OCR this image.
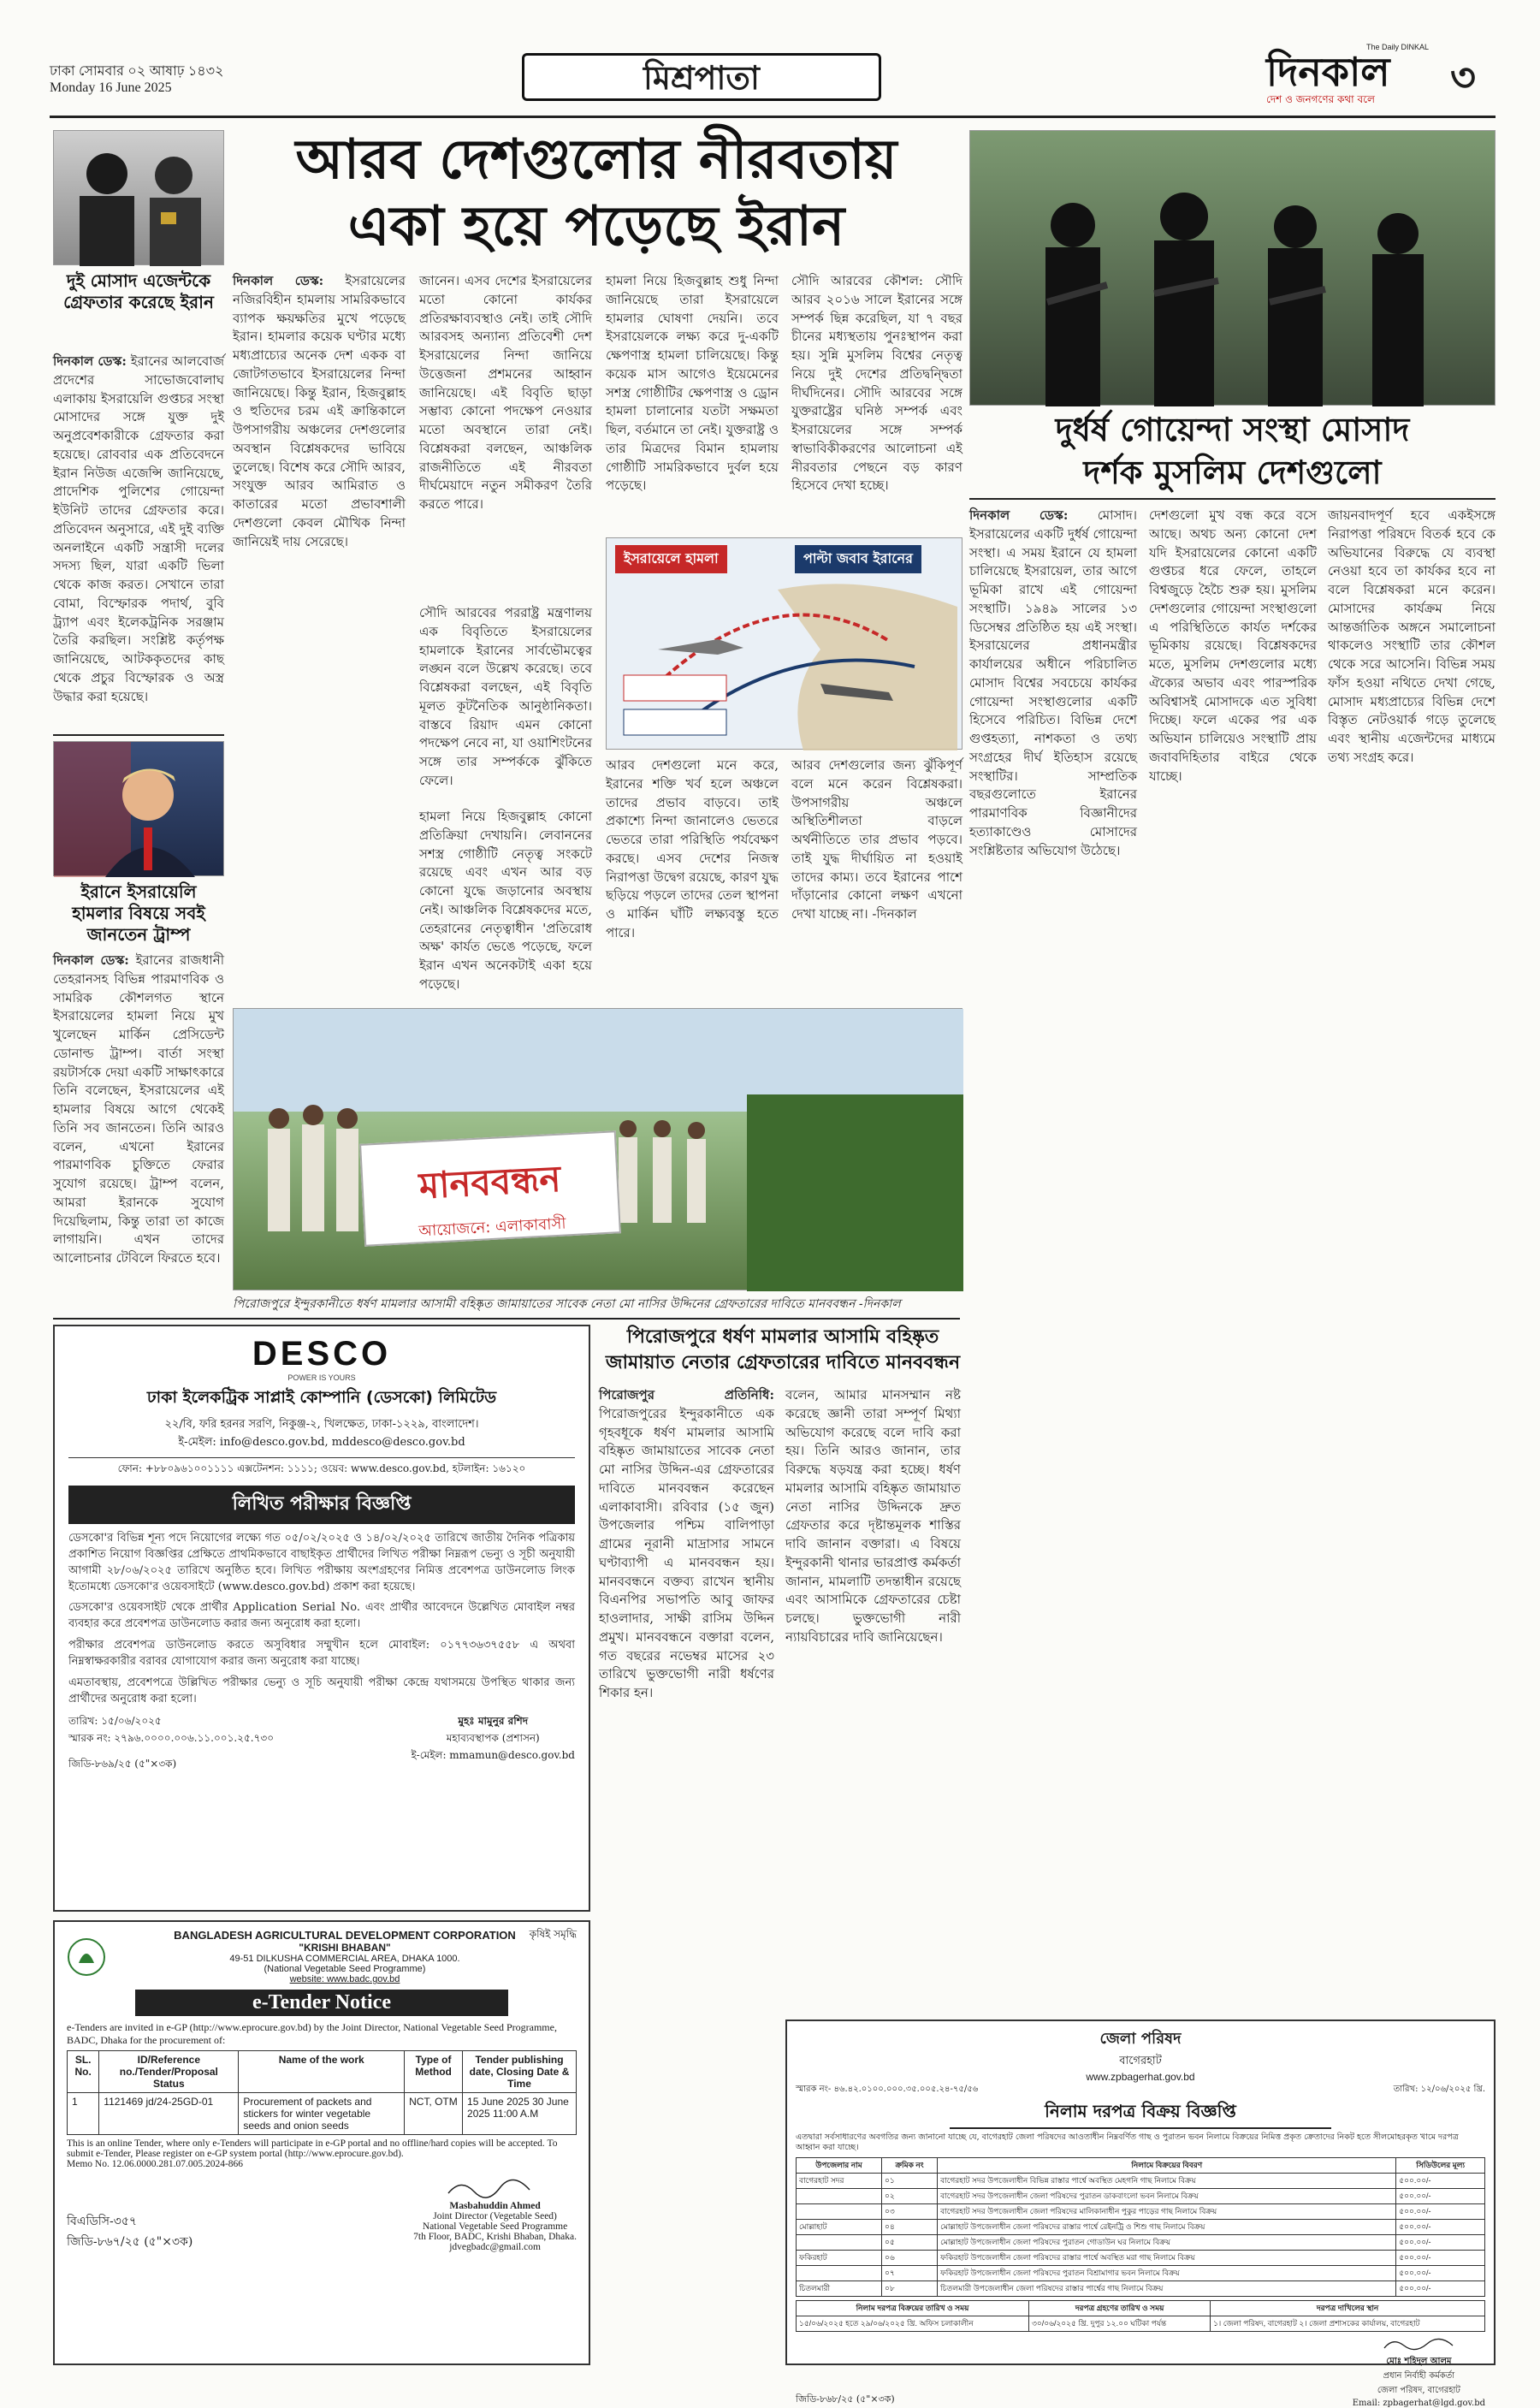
ঢাকা সোমবার ০২ আষাঢ় ১৪৩২
Monday 16 June 2025	মিশ্রপাতা
The Daily DINKAL
দিনকাল
দেশ ও জনগণের কথা বলে	৩
দুই মোসাদ এজেন্টকে গ্রেফতার করেছে ইরান
দিনকাল ডেস্ক: ইরানের আলবোর্জ প্রদেশের সাভোজবোলাঘ এলাকায় ইসরায়েলি গুপ্তচর সংস্থা মোসাদের সঙ্গে যুক্ত দুই অনুপ্রবেশকারীকে গ্রেফতার করা হয়েছে। রোববার এক প্রতিবেদনে ইরান নিউজ এজেন্সি জানিয়েছে, প্রাদেশিক পুলিশের গোয়েন্দা ইউনিট তাদের গ্রেফতার করে। প্রতিবেদন অনুসারে, এই দুই ব্যক্তি অনলাইনে একটি সন্ত্রাসী দলের সদস্য ছিল, যারা একটি ভিলা থেকে কাজ করত। সেখানে তারা বোমা, বিস্ফোরক পদার্থ, বুবি ট্র্যাপ এবং ইলেকট্রনিক সরঞ্জাম তৈরি করছিল। সংশ্লিষ্ট কর্তৃপক্ষ জানিয়েছে, আটককৃতদের কাছ থেকে প্রচুর বিস্ফোরক ও অস্ত্র উদ্ধার করা হয়েছে।
ইরানে ইসরায়েলি হামলার বিষয়ে সবই জানতেন ট্রাম্প
দিনকাল ডেস্ক: ইরানের রাজধানী তেহরানসহ বিভিন্ন পারমাণবিক ও সামরিক কৌশলগত স্থানে ইসরায়েলের হামলা নিয়ে মুখ খুলেছেন মার্কিন প্রেসিডেন্ট ডোনাল্ড ট্রাম্প। বার্তা সংস্থা রয়টার্সকে দেয়া একটি সাক্ষাৎকারে তিনি বলেছেন, ইসরায়েলের এই হামলার বিষয়ে আগে থেকেই তিনি সব জানতেন। তিনি আরও বলেন, এখনো ইরানের পারমাণবিক চুক্তিতে ফেরার সুযোগ রয়েছে। ট্রাম্প বলেন, আমরা ইরানকে সুযোগ দিয়েছিলাম, কিন্তু তারা তা কাজে লাগায়নি। এখন তাদের আলোচনার টেবিলে ফিরতে হবে।
আরব দেশগুলোর নীরবতায়
একা হয়ে পড়েছে ইরান
দিনকাল ডেস্ক: ইসরায়েলের নজিরবিহীন হামলায় সামরিকভাবে ব্যাপক ক্ষয়ক্ষতির মুখে পড়েছে ইরান। হামলার কয়েক ঘণ্টার মধ্যে মধ্যপ্রাচ্যের অনেক দেশ একক বা জোটগতভাবে ইসরায়েলের নিন্দা জানিয়েছে। কিন্তু ইরান, হিজবুল্লাহ ও হুতিদের চরম এই ক্রান্তিকালে উপসাগরীয় অঞ্চলের দেশগুলোর অবস্থান বিশ্লেষকদের ভাবিয়ে তুলেছে। বিশেষ করে সৌদি আরব, সংযুক্ত আরব আমিরাত ও কাতারের মতো প্রভাবশালী দেশগুলো কেবল মৌখিক নিন্দা জানিয়েই দায় সেরেছে।
জানেন। এসব দেশের ইসরায়েলের মতো কোনো কার্যকর প্রতিরক্ষাব্যবস্থাও নেই। তাই সৌদি আরবসহ অন্যান্য প্রতিবেশী দেশ ইসরায়েলের নিন্দা জানিয়ে উত্তেজনা প্রশমনের আহ্বান জানিয়েছে। এই বিবৃতি ছাড়া সম্ভাব্য কোনো পদক্ষেপ নেওয়ার মতো অবস্থানে তারা নেই। বিশ্লেষকরা বলছেন, আঞ্চলিক রাজনীতিতে এই নীরবতা দীর্ঘমেয়াদে নতুন সমীকরণ তৈরি করতে পারে।
হামলা নিয়ে হিজবুল্লাহ শুধু নিন্দা জানিয়েছে তারা ইসরায়েলে হামলার ঘোষণা দেয়নি। তবে ইসরায়েলকে লক্ষ্য করে দু-একটি ক্ষেপণাস্ত্র হামলা চালিয়েছে। কিন্তু কয়েক মাস আগেও ইয়েমেনের সশস্ত্র গোষ্ঠীটির ক্ষেপণাস্ত্র ও ড্রোন হামলা চালানোর যতটা সক্ষমতা ছিল, বর্তমানে তা নেই। যুক্তরাষ্ট্র ও তার মিত্রদের বিমান হামলায় গোষ্ঠীটি সামরিকভাবে দুর্বল হয়ে পড়েছে।
সৌদি আরবের কৌশল: সৌদি আরব ২০১৬ সালে ইরানের সঙ্গে সম্পর্ক ছিন্ন করেছিল, যা ৭ বছর চীনের মধ্যস্থতায় পুনঃস্থাপন করা হয়। সুন্নি মুসলিম বিশ্বের নেতৃত্ব নিয়ে দুই দেশের প্রতিদ্বন্দ্বিতা দীর্ঘদিনের। সৌদি আরবের সঙ্গে যুক্তরাষ্ট্রের ঘনিষ্ঠ সম্পর্ক এবং ইসরায়েলের সঙ্গে সম্পর্ক স্বাভাবিকীকরণের আলোচনা এই নীরবতার পেছনে বড় কারণ হিসেবে দেখা হচ্ছে।
ইসরায়েলে হামলা	পাল্টা জবাব ইরানের
সৌদি আরবের পররাষ্ট্র মন্ত্রণালয় এক বিবৃতিতে ইসরায়েলের হামলাকে ইরানের সার্বভৌমত্বের লঙ্ঘন বলে উল্লেখ করেছে। তবে বিশ্লেষকরা বলছেন, এই বিবৃতি মূলত কূটনৈতিক আনুষ্ঠানিকতা। বাস্তবে রিয়াদ এমন কোনো পদক্ষেপ নেবে না, যা ওয়াশিংটনের সঙ্গে তার সম্পর্ককে ঝুঁকিতে ফেলে।
আরব দেশগুলো মনে করে, ইরানের শক্তি খর্ব হলে অঞ্চলে তাদের প্রভাব বাড়বে। তাই প্রকাশ্যে নিন্দা জানালেও ভেতরে ভেতরে তারা পরিস্থিতি পর্যবেক্ষণ করছে। এসব দেশের নিজস্ব নিরাপত্তা উদ্বেগ রয়েছে, কারণ যুদ্ধ ছড়িয়ে পড়লে তাদের তেল স্থাপনা ও মার্কিন ঘাঁটি লক্ষ্যবস্তু হতে পারে।
আরব দেশগুলোর জন্য ঝুঁকিপূর্ণ বলে মনে করেন বিশ্লেষকরা। উপসাগরীয় অঞ্চলে অস্থিতিশীলতা বাড়লে অর্থনীতিতে তার প্রভাব পড়বে। তাই যুদ্ধ দীর্ঘায়িত না হওয়াই তাদের কাম্য। তবে ইরানের পাশে দাঁড়ানোর কোনো লক্ষণ এখনো দেখা যাচ্ছে না। -দিনকাল
হামলা নিয়ে হিজবুল্লাহ কোনো প্রতিক্রিয়া দেখায়নি। লেবাননের সশস্ত্র গোষ্ঠীটি নেতৃত্ব সংকটে রয়েছে এবং এখন আর বড় কোনো যুদ্ধে জড়ানোর অবস্থায় নেই। আঞ্চলিক বিশ্লেষকদের মতে, তেহরানের নেতৃত্বাধীন 'প্রতিরোধ অক্ষ' কার্যত ভেঙে পড়েছে, ফলে ইরান এখন অনেকটাই একা হয়ে পড়েছে।
মানববন্ধন
আয়োজনে: এলাকাবাসী
পিরোজপুরে ইন্দুরকানীতে ধর্ষণ মামলার আসামী বহিষ্কৃত জামায়াতের সাবেক নেতা মো নাসির উদ্দিনের গ্রেফতারের দাবিতে মানববন্ধন -দিনকাল
দুর্ধর্ষ গোয়েন্দা সংস্থা মোসাদ
দর্শক মুসলিম দেশগুলো
দিনকাল ডেস্ক: মোসাদ। ইসরায়েলের একটি দুর্ধর্ষ গোয়েন্দা সংস্থা। এ সময় ইরানে যে হামলা চালিয়েছে ইসরায়েল, তার আগে ভূমিকা রাখে এই গোয়েন্দা সংস্থাটি। ১৯৪৯ সালের ১৩ ডিসেম্বর প্রতিষ্ঠিত হয় এই সংস্থা। ইসরায়েলের প্রধানমন্ত্রীর কার্যালয়ের অধীনে পরিচালিত মোসাদ বিশ্বের সবচেয়ে কার্যকর গোয়েন্দা সংস্থাগুলোর একটি হিসেবে পরিচিত। বিভিন্ন দেশে গুপ্তহত্যা, নাশকতা ও তথ্য সংগ্রহের দীর্ঘ ইতিহাস রয়েছে সংস্থাটির। সাম্প্রতিক বছরগুলোতে ইরানের পারমাণবিক বিজ্ঞানীদের হত্যাকাণ্ডেও মোসাদের সংশ্লিষ্টতার অভিযোগ উঠেছে।
দেশগুলো মুখ বন্ধ করে বসে আছে। অথচ অন্য কোনো দেশ যদি ইসরায়েলের কোনো একটি গুপ্তচর ধরে ফেলে, তাহলে বিশ্বজুড়ে হৈচৈ শুরু হয়। মুসলিম দেশগুলোর গোয়েন্দা সংস্থাগুলো এ পরিস্থিতিতে কার্যত দর্শকের ভূমিকায় রয়েছে। বিশ্লেষকদের মতে, মুসলিম দেশগুলোর মধ্যে ঐক্যের অভাব এবং পারস্পরিক অবিশ্বাসই মোসাদকে এত সুবিধা দিচ্ছে। ফলে একের পর এক অভিযান চালিয়েও সংস্থাটি প্রায় জবাবদিহিতার বাইরে থেকে যাচ্ছে।
জায়নবাদপূর্ণ হবে একইসঙ্গে নিরাপত্তা পরিষদে বিতর্ক হবে কে অভিযানের বিরুদ্ধে যে ব্যবস্থা নেওয়া হবে তা কার্যকর হবে না বলে বিশ্লেষকরা মনে করেন। মোসাদের কার্যক্রম নিয়ে আন্তর্জাতিক অঙ্গনে সমালোচনা থাকলেও সংস্থাটি তার কৌশল থেকে সরে আসেনি। বিভিন্ন সময় ফাঁস হওয়া নথিতে দেখা গেছে, মোসাদ মধ্যপ্রাচ্যের বিভিন্ন দেশে বিস্তৃত নেটওয়ার্ক গড়ে তুলেছে এবং স্থানীয় এজেন্টদের মাধ্যমে তথ্য সংগ্রহ করে।
পিরোজপুরে ধর্ষণ মামলার আসামি বহিষ্কৃত জামায়াত নেতার গ্রেফতারের দাবিতে মানববন্ধন
পিরোজপুর প্রতিনিধি: পিরোজপুরের ইন্দুরকানীতে এক গৃহবধূকে ধর্ষণ মামলার আসামি বহিষ্কৃত জামায়াতের সাবেক নেতা মো নাসির উদ্দিন-এর গ্রেফতারের দাবিতে মানববন্ধন করেছেন এলাকাবাসী। রবিবার (১৫ জুন) উপজেলার পশ্চিম বালিপাড়া গ্রামের নূরানী মাদ্রাসার সামনে ঘণ্টাব্যাপী এ মানববন্ধন হয়। মানববন্ধনে বক্তব্য রাখেন স্থানীয় বিএনপির সভাপতি আবু জাফর হাওলাদার, সাক্ষী রাসিম উদ্দিন প্রমুখ। মানববন্ধনে বক্তারা বলেন, গত বছরের নভেম্বর মাসের ২৩ তারিখে ভুক্তভোগী নারী ধর্ষণের শিকার হন।
বলেন, আমার মানসম্মান নষ্ট করেছে জ্ঞানী তারা সম্পূর্ণ মিথ্যা অভিযোগ করেছে বলে দাবি করা হয়। তিনি আরও জানান, তার বিরুদ্ধে ষড়যন্ত্র করা হচ্ছে। ধর্ষণ মামলার আসামি বহিষ্কৃত জামায়াত নেতা নাসির উদ্দিনকে দ্রুত গ্রেফতার করে দৃষ্টান্তমূলক শাস্তির দাবি জানান বক্তারা। এ বিষয়ে ইন্দুরকানী থানার ভারপ্রাপ্ত কর্মকর্তা জানান, মামলাটি তদন্তাধীন রয়েছে এবং আসামিকে গ্রেফতারের চেষ্টা চলছে। ভুক্তভোগী নারী ন্যায়বিচারের দাবি জানিয়েছেন।
DESCO
POWER IS YOURS
ঢাকা ইলেকট্রিক সাপ্লাই কোম্পানি (ডেসকো) লিমিটেড
২২/বি, ফরি হরনর সরণি, নিকুঞ্জ-২, খিলক্ষেত, ঢাকা-১২২৯, বাংলাদেশ।
ই-মেইল: info@desco.gov.bd, mddesco@desco.gov.bd
ফোন: +৮৮০৯৬১০০১১১১ এক্সটেনশন: ১১১১; ওয়েব: www.desco.gov.bd, হটলাইন: ১৬১২০
লিখিত পরীক্ষার বিজ্ঞপ্তি
ডেসকো'র বিভিন্ন শূন্য পদে নিয়োগের লক্ষ্যে গত ০৫/০২/২০২৫ ও ১৪/০২/২০২৫ তারিখে জাতীয় দৈনিক পত্রিকায় প্রকাশিত নিয়োগ বিজ্ঞপ্তির প্রেক্ষিতে প্রাথমিকভাবে বাছাইকৃত প্রার্থীদের লিখিত পরীক্ষা নিম্নরূপ ভেন্যু ও সূচী অনুযায়ী আগামী ২৮/০৬/২০২৫ তারিখে অনুষ্ঠিত হবে। লিখিত পরীক্ষায় অংশগ্রহণের নিমিত্ত প্রবেশপত্র ডাউনলোড লিংক ইতোমধ্যে ডেসকো'র ওয়েবসাইটে (www.desco.gov.bd) প্রকাশ করা হয়েছে।
ডেসকো'র ওয়েবসাইট থেকে প্রার্থীর Application Serial No. এবং প্রার্থীর আবেদনে উল্লেখিত মোবাইল নম্বর ব্যবহার করে প্রবেশপত্র ডাউনলোড করার জন্য অনুরোধ করা হলো।
পরীক্ষার প্রবেশপত্র ডাউনলোড করতে অসুবিধার সম্মুখীন হলে মোবাইল: ০১৭৭৩৬৩৭৫৫৮ এ অথবা নিম্নস্বাক্ষরকারীর বরাবর যোগাযোগ করার জন্য অনুরোধ করা যাচ্ছে।
এমতাবস্থায়, প্রবেশপত্রে উল্লিখিত পরীক্ষার ভেন্যু ও সূচি অনুযায়ী পরীক্ষা কেন্দ্রে যথাসময়ে উপস্থিত থাকার জন্য প্রার্থীদের অনুরোধ করা হলো।
তারিখ: ১৫/০৬/২০২৫
স্মারক নং: ২৭৯৬.০০০০.০০৬.১১.০০১.২৫.৭৩০
জিডি-৮৬৯/২৫ (৫"×৩ক)
মুহঃ মামুনুর রশিদ
মহাব্যবস্থাপক (প্রশাসন)
ই-মেইল: mmamun@desco.gov.bd
কৃষিই সমৃদ্ধি
BANGLADESH AGRICULTURAL DEVELOPMENT CORPORATION
"KRISHI BHABAN"
49-51 DILKUSHA COMMERCIAL AREA, DHAKA 1000.
(National Vegetable Seed Programme)
website: www.badc.gov.bd
e-Tender Notice
e-Tenders are invited in e-GP (http://www.eprocure.gov.bd) by the Joint Director, National Vegetable Seed Programme, BADC, Dhaka for the procurement of:
SL. No.	ID/Reference no./Tender/Proposal Status	Name of the work	Type of Method	Tender publishing date, Closing Date & Time
1	1121469 jd/24-25GD-01	Procurement of packets and stickers for winter vegetable seeds and onion seeds	NCT, OTM	15 June 2025 30 June 2025 11:00 A.M
This is an online Tender, where only e-Tenders will participate in e-GP portal and no offline/hard copies will be accepted. To submit e-Tender, Please register on e-GP system portal (http://www.eprocure.gov.bd).
Memo No. 12.06.0000.281.07.005.2024-866
বিএডিসি-৩৫৭
জিডি-৮৬৭/২৫ (৫"×৩ক)
Masbahuddin Ahmed
Joint Director (Vegetable Seed)
National Vegetable Seed Programme
7th Floor, BADC, Krishi Bhaban, Dhaka.
jdvegbadc@gmail.com
জেলা পরিষদ
বাগেরহাট
www.zpbagerhat.gov.bd
স্মারক নং- ৪৬.৪২.০১০০.০০০.৩৫.০০৫.২৪-৭৫/৫৬	তারিখ: ১২/০৬/২০২৫ খ্রি.
নিলাম দরপত্র বিক্রয় বিজ্ঞপ্তি
এতদ্বারা সর্বসাধারণের অবগতির জন্য জানানো যাচ্ছে যে, বাগেরহাট জেলা পরিষদের আওতাধীন নিম্নবর্ণিত গাছ ও পুরাতন ভবন নিলামে বিক্রয়ের নিমিত্ত প্রকৃত ক্রেতাদের নিকট হতে সীলমোহরকৃত খামে দরপত্র আহ্বান করা যাচ্ছে।
উপজেলার নাম	ক্রমিক নং	নিলামে বিক্রয়ের বিবরণ	সিডিউলের মূল্য
বাগেরহাট সদর	০১	বাগেরহাট সদর উপজেলাধীন বিভিন্ন রাস্তার পার্শ্বে অবস্থিত মেহগনি গাছ নিলামে বিক্রয়	৫০০.০০/-
	০২	বাগেরহাট সদর উপজেলাধীন জেলা পরিষদের পুরাতন ডাকবাংলো ভবন নিলামে বিক্রয়	৫০০.০০/-
	০৩	বাগেরহাট সদর উপজেলাধীন জেলা পরিষদের মালিকানাধীন পুকুর পাড়ের গাছ নিলামে বিক্রয়	৫০০.০০/-
মোল্লাহাট	০৪	মোল্লাহাট উপজেলাধীন জেলা পরিষদের রাস্তার পার্শ্বে রেইনট্রি ও শিশু গাছ নিলামে বিক্রয়	৫০০.০০/-
	০৫	মোল্লাহাট উপজেলাধীন জেলা পরিষদের পুরাতন গোডাউন ঘর নিলামে বিক্রয়	৫০০.০০/-
ফকিরহাট	০৬	ফকিরহাট উপজেলাধীন জেলা পরিষদের রাস্তার পার্শ্বে অবস্থিত মরা গাছ নিলামে বিক্রয়	৫০০.০০/-
	০৭	ফকিরহাট উপজেলাধীন জেলা পরিষদের পুরাতন বিশ্রামাগার ভবন নিলামে বিক্রয়	৫০০.০০/-
চিতলমারী	০৮	চিতলমারী উপজেলাধীন জেলা পরিষদের রাস্তার পার্শ্বের গাছ নিলামে বিক্রয়	৫০০.০০/-
নিলাম দরপত্র বিক্রয়ের তারিখ ও সময়	দরপত্র গ্রহণের তারিখ ও সময়	দরপত্র দাখিলের স্থান
১৫/০৬/২০২৫ হতে ২৯/০৬/২০২৫ খ্রি. অফিস চলাকালীন	৩০/০৬/২০২৫ খ্রি. দুপুর ১২.০০ ঘটিকা পর্যন্ত	১। জেলা পরিষদ, বাগেরহাট ২। জেলা প্রশাসকের কার্যালয়, বাগেরহাট
জিডি-৮৬৮/২৫ (৫"×৩ক)
মোঃ শহিদুল আলম
প্রধান নির্বাহী কর্মকর্তা
জেলা পরিষদ, বাগেরহাট
Email: zpbagerhat@lgd.gov.bd
